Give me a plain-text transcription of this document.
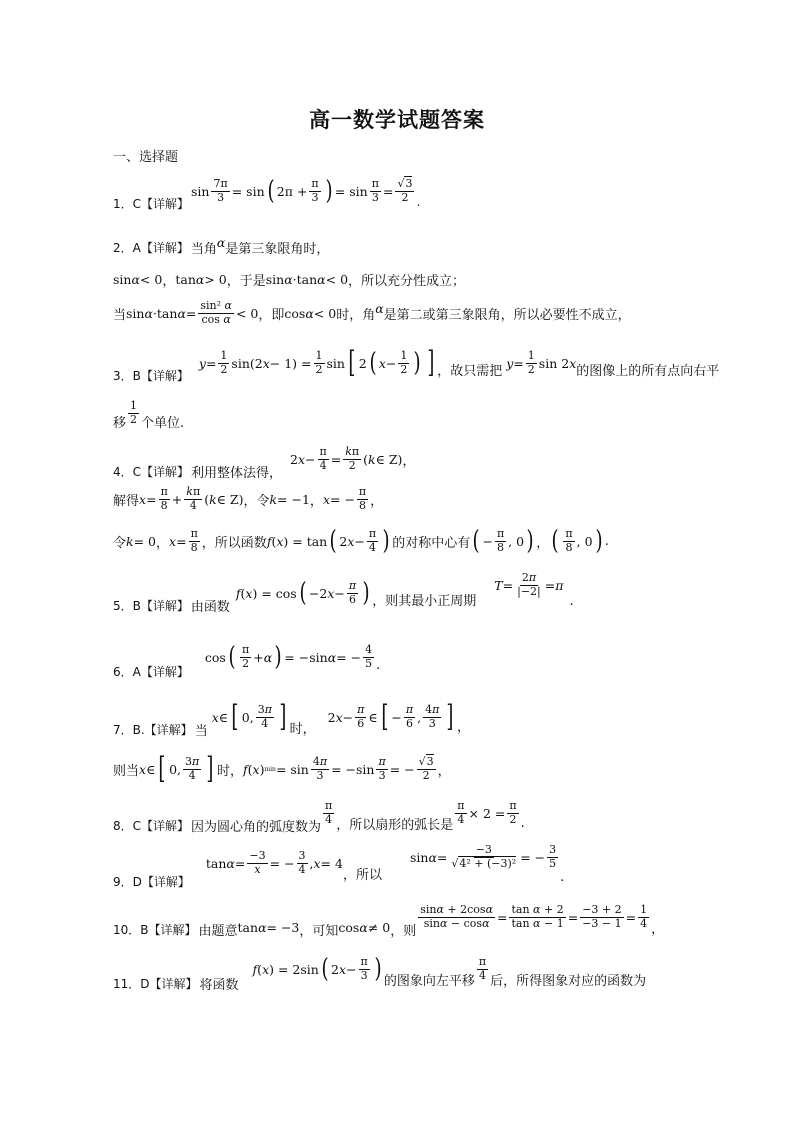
高一数学试题答案
一、选择题
1．C【详解】
$\sin \frac{7\pi}{3} = \sin$ ( $2\pi + \frac{\pi}{3}$ ) = $\sin \frac{\pi}{3} = \frac{√3}{2}$ .
2．A【详解】 当角 α 是第三象限角时，
sin α < 0 ， tan α > 0 ，于是 sin α ·tan α < 0 ，所以充分性成立；
当 sin α ·tan $\alpha = \frac{\text{sin² α}}{\text{cos α}} < 0$ ，即 cos α < 0 时，角 α 是第二或第三象限角，所以必要性不成立，
3．B【详解】
$y = \frac{1}{2} \sin(2$ $x - 1) = \frac{1}{2}$ sin [ 2 ( $x - \frac{1}{2}$ ) ] ，故只需把
$y = \frac{1}{2}$ sin 2 x
的图像上的所有点向右平
移 $\frac{1}{2}$ 个单位.
4．C【详解】 利用整体法得，
2 $x - \frac{\pi}{4} = \frac{k\pi}{2}$ ( k ∈ Z) ，
解得 $x = \frac{\pi}{8} + \frac{k\pi}{4}$ ( k ∈ Z) ，令 k = −1 ， x = − $\frac{\pi}{8}$ ，
令 k = 0 ， $x = \frac{\pi}{8}$ ，所以函数 f ( x ) = tan ( 2 $x - \frac{\pi}{4}$ ) 的对称中心有 ( − $\frac{\pi}{8}$ , 0 ) ， ( $\frac{\pi}{8}$ , 0 ) .
5．B【详解】 由函数
f ( x ) = cos ( −2 $x - \frac{\pi}{6}$ ) ，则其最小正周期
$T = \frac{2\pi}{|-2|} = \pi$
.
6．A【详解】
cos ( $\frac{\pi}{2} + \alpha$ ) = −sin α = − $\frac{4}{5}$ .
7．B.【详解】 当
x ∈ [ 0, $\frac{3\pi}{4}$ ] 时，
2 $x - \frac{\pi}{6}$ ∈ [ − $\frac{\pi}{6}$ , $\frac{4\pi}{3}$ ] ，
则当 x ∈ [ 0, $\frac{3\pi}{4}$ ] 时， f ( x ) $\min = \sin \frac{4\pi}{3} = -\sin \frac{\pi}{3}$ = − $\frac{√3}{2}$ ，
8．C【详解】 因为圆心角的弧度数为
$\frac{\pi}{4}$ ，所以扇形的弧长是 $\frac{\pi}{4} \times 2 = \frac{\pi}{2}$ .
9．D【详解】
$\tan \alpha = \frac{-3}{x}$ = − $\frac{3}{4}$ , x = 4
，所以
$\sin \alpha = \frac{-3}{\text{√4² + (−3)²}}$ = − $\frac{3}{5}$
.
10．B【详解】 由题意 tan α = −3 ，可知 cos α ≠ 0 ，则
$\frac{\sin\alpha + 2\cos\alpha}{\sin\alpha - \cos\alpha} = \frac{\text{tan α + 2}}{\text{tan α − 1}} = \frac{-3 + 2}{-3 - 1} = \frac{1}{4}$ ，
11．D【详解】 将函数
f ( x ) = 2sin ( 2 $x - \frac{\pi}{3}$ ) 的图象向左平移 $\frac{\pi}{4}$ 后，所得图象对应的函数为
